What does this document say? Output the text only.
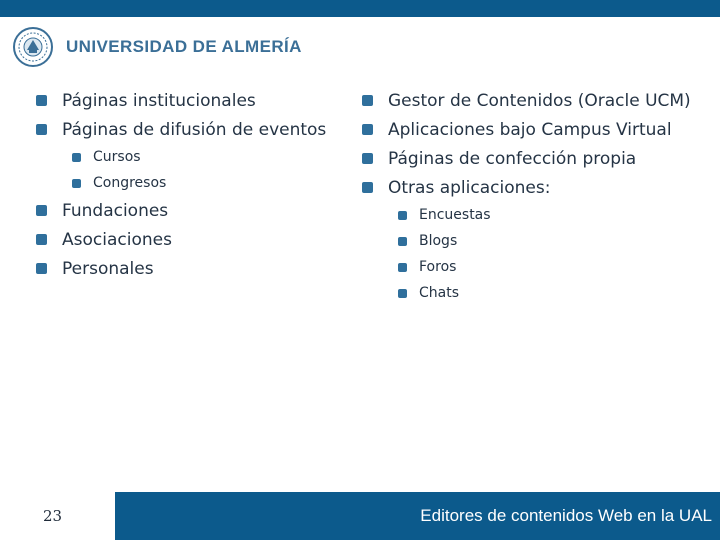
UNIVERSIDAD DE ALMERÍA
Páginas institucionales
Páginas de difusión de eventos
Cursos
Congresos
Fundaciones
Asociaciones
Personales
Gestor de Contenidos (Oracle UCM)
Aplicaciones bajo Campus Virtual
Páginas de confección propia
Otras aplicaciones:
Encuestas
Blogs
Foros
Chats
23	Editores de contenidos Web en la UAL
